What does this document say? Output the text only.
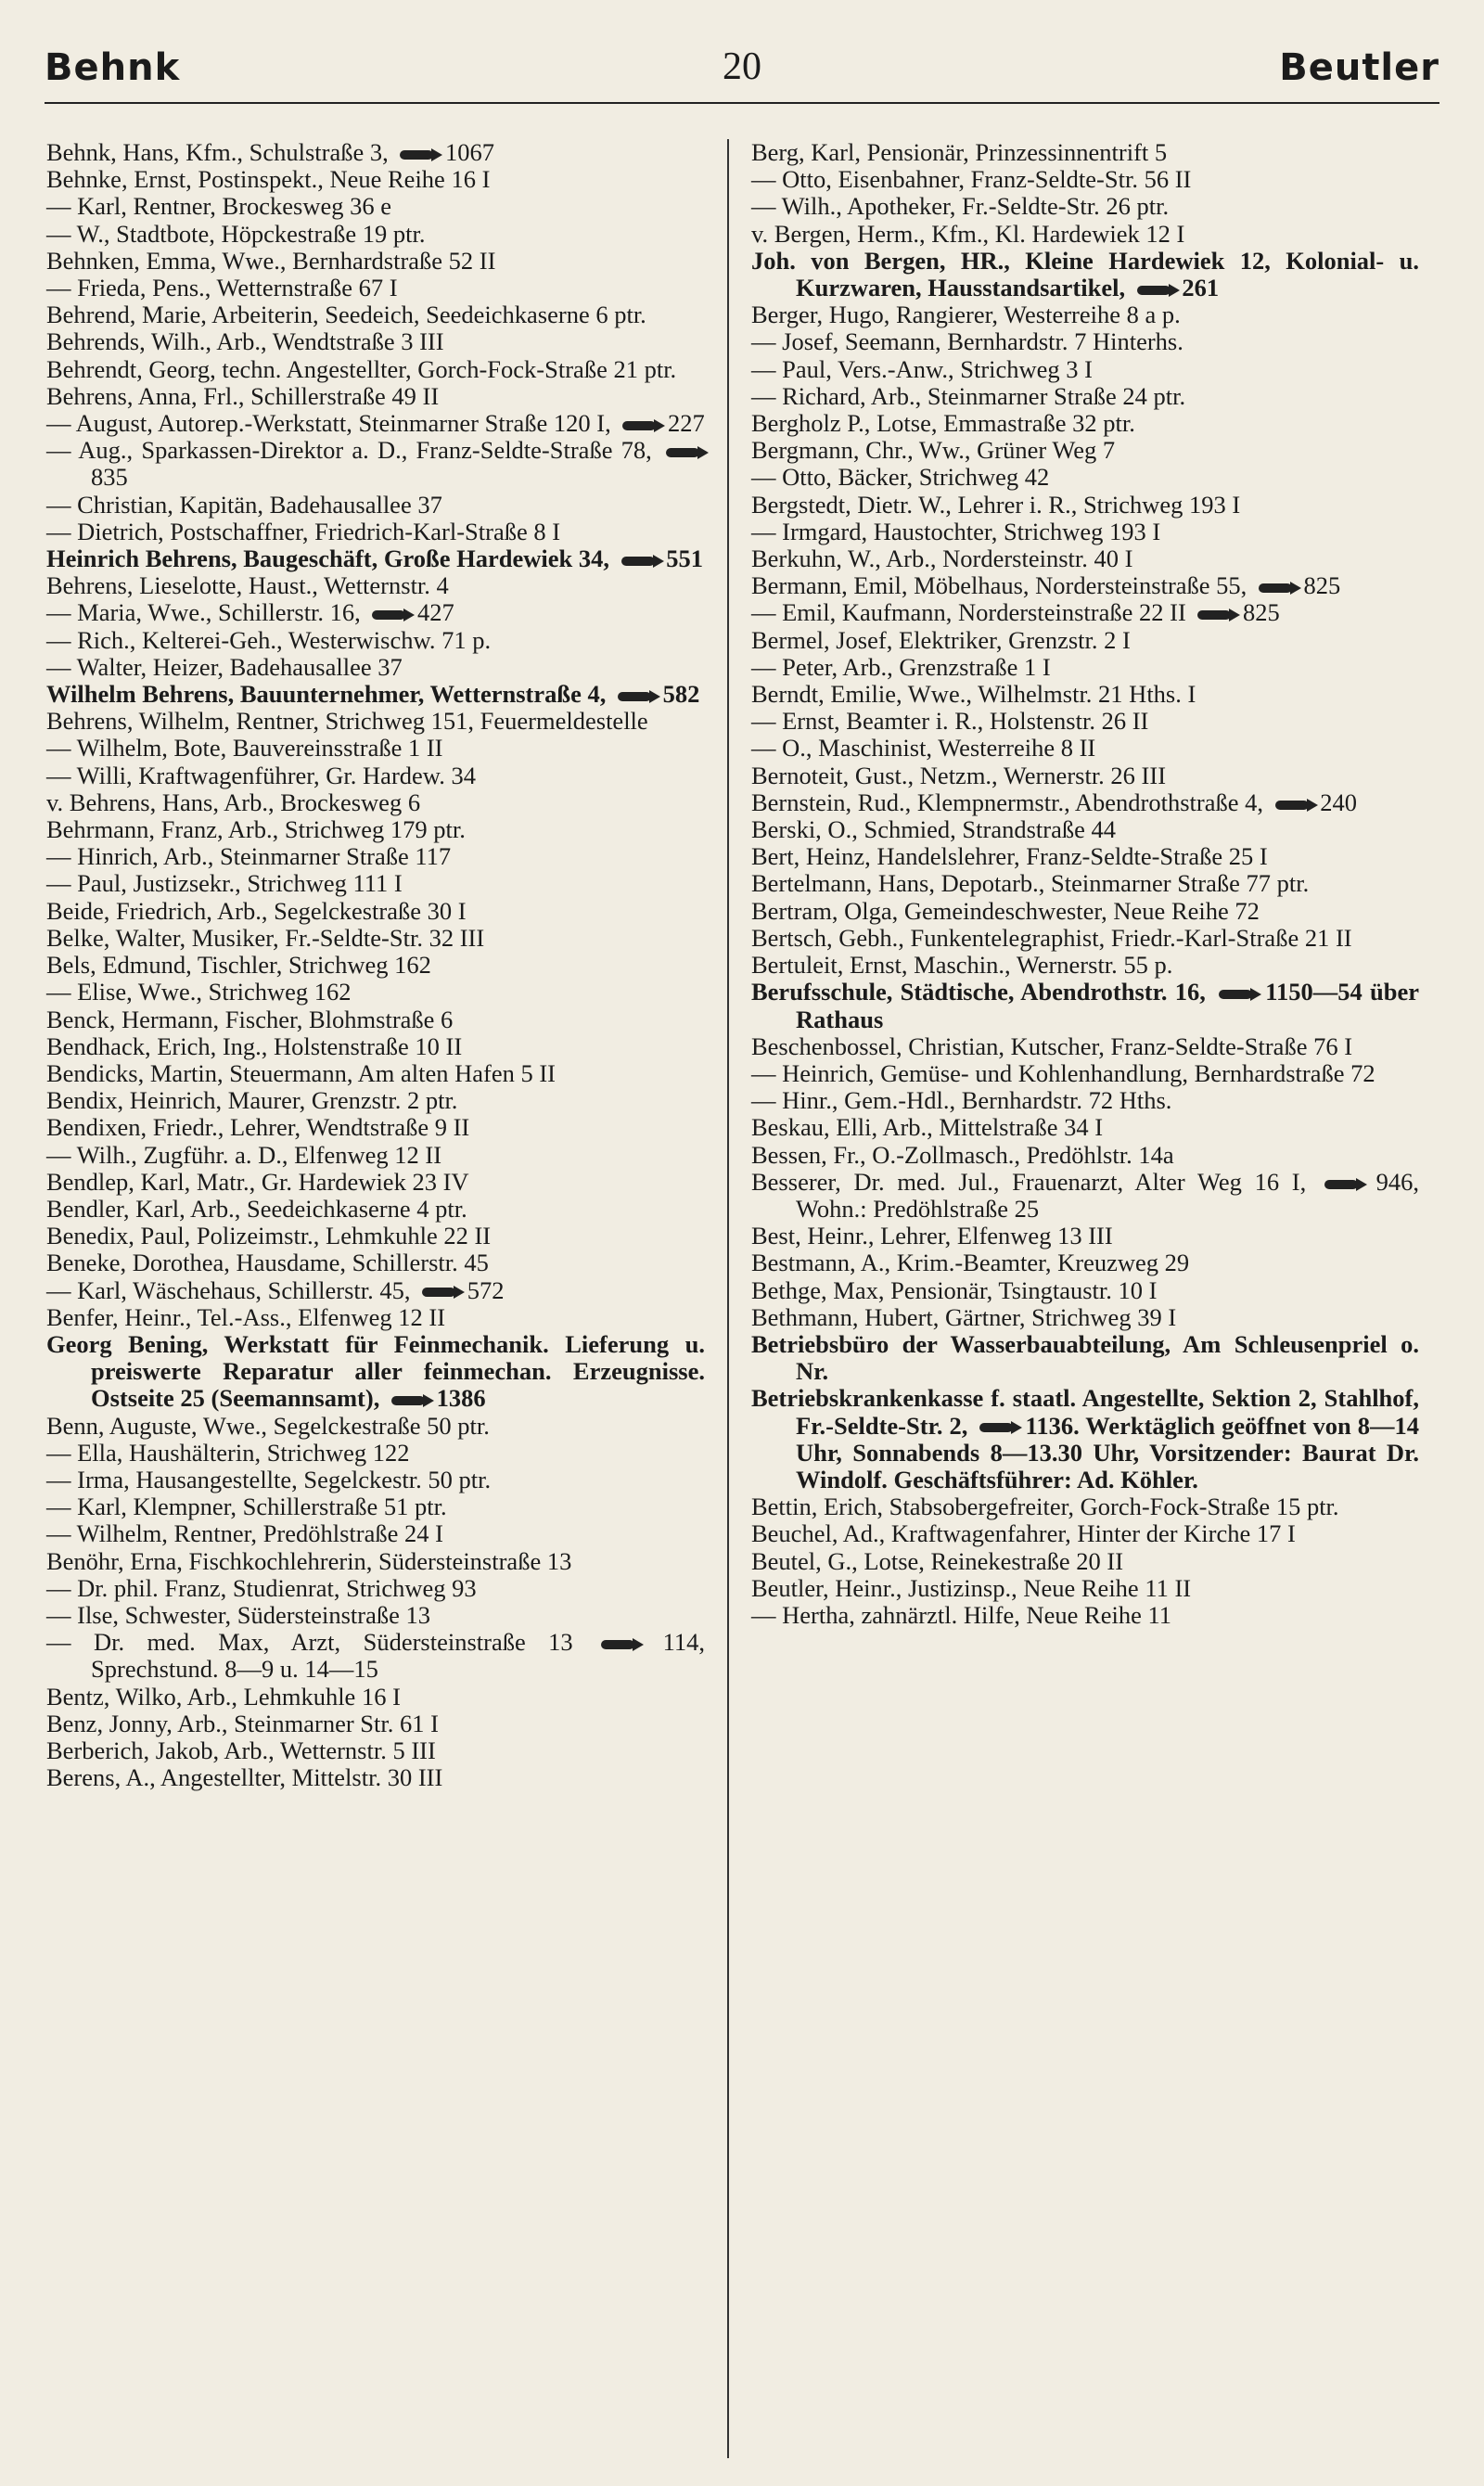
Behnk	20	Beutler

Behnk, Hans, Kfm., Schulstraße 3,  1067

Behnke, Ernst, Postinspekt., Neue Reihe 16 I

— Karl, Rentner, Brockesweg 36 e

— W., Stadtbote, Höpckestraße 19 ptr.

Behnken, Emma, Wwe., Bernhardstraße 52 II

— Frieda, Pens., Wetternstraße 67 I

Behrend, Marie, Arbeiterin, Seedeich, Seedeichkaserne 6 ptr.

Behrends, Wilh., Arb., Wendtstraße 3 III

Behrendt, Georg, techn. Angestellter, Gorch-Fock-Straße 21 ptr.

Behrens, Anna, Frl., Schillerstraße 49 II

— August, Autorep.-Werkstatt, Steinmarner Straße 120 I,  227

— Aug., Sparkassen-Direktor a. D., Franz-Seldte-Straße 78,  835

— Christian, Kapitän, Badehausallee 37

— Dietrich, Postschaffner, Friedrich-Karl-Straße 8 I

Heinrich Behrens, Baugeschäft, Große Hardewiek 34,  551

Behrens, Lieselotte, Haust., Wetternstr. 4

— Maria, Wwe., Schillerstr. 16,  427

— Rich., Kelterei-Geh., Westerwischw. 71 p.

— Walter, Heizer, Badehausallee 37

Wilhelm Behrens, Bauunternehmer, Wetternstraße 4,  582

Behrens, Wilhelm, Rentner, Strichweg 151, Feuermeldestelle

— Wilhelm, Bote, Bauvereinsstraße 1 II

— Willi, Kraftwagenführer, Gr. Hardew. 34

v. Behrens, Hans, Arb., Brockesweg 6

Behrmann, Franz, Arb., Strichweg 179 ptr.

— Hinrich, Arb., Steinmarner Straße 117

— Paul, Justizsekr., Strichweg 111 I

Beide, Friedrich, Arb., Segelckestraße 30 I

Belke, Walter, Musiker, Fr.-Seldte-Str. 32 III

Bels, Edmund, Tischler, Strichweg 162

— Elise, Wwe., Strichweg 162

Benck, Hermann, Fischer, Blohmstraße 6

Bendhack, Erich, Ing., Holstenstraße 10 II

Bendicks, Martin, Steuermann, Am alten Hafen 5 II

Bendix, Heinrich, Maurer, Grenzstr. 2 ptr.

Bendixen, Friedr., Lehrer, Wendtstraße 9 II

— Wilh., Zugführ. a. D., Elfenweg 12 II

Bendlep, Karl, Matr., Gr. Hardewiek 23 IV

Bendler, Karl, Arb., Seedeichkaserne 4 ptr.

Benedix, Paul, Polizeimstr., Lehmkuhle 22 II

Beneke, Dorothea, Hausdame, Schillerstr. 45

— Karl, Wäschehaus, Schillerstr. 45,  572

Benfer, Heinr., Tel.-Ass., Elfenweg 12 II

Georg Bening, Werkstatt für Feinmechanik. Lieferung u. preiswerte Reparatur aller feinmechan. Erzeugnisse. Ostseite 25 (Seemannsamt),  1386

Benn, Auguste, Wwe., Segelckestraße 50 ptr.

— Ella, Haushälterin, Strichweg 122

— Irma, Hausangestellte, Segelckestr. 50 ptr.

— Karl, Klempner, Schillerstraße 51 ptr.

— Wilhelm, Rentner, Predöhlstraße 24 I

Benöhr, Erna, Fischkochlehrerin, Südersteinstraße 13

— Dr. phil. Franz, Studienrat, Strichweg 93

— Ilse, Schwester, Südersteinstraße 13

— Dr. med. Max, Arzt, Südersteinstraße 13  114, Sprechstund. 8—9 u. 14—15

Bentz, Wilko, Arb., Lehmkuhle 16 I

Benz, Jonny, Arb., Steinmarner Str. 61 I

Berberich, Jakob, Arb., Wetternstr. 5 III

Berens, A., Angestellter, Mittelstr. 30 III

Berg, Karl, Pensionär, Prinzessinnentrift 5

— Otto, Eisenbahner, Franz-Seldte-Str. 56 II

— Wilh., Apotheker, Fr.-Seldte-Str. 26 ptr.

v. Bergen, Herm., Kfm., Kl. Hardewiek 12 I

Joh. von Bergen, HR., Kleine Hardewiek 12, Kolonial- u. Kurzwaren, Hausstandsartikel,  261

Berger, Hugo, Rangierer, Westerreihe 8 a p.

— Josef, Seemann, Bernhardstr. 7 Hinterhs.

— Paul, Vers.-Anw., Strichweg 3 I

— Richard, Arb., Steinmarner Straße 24 ptr.

Bergholz P., Lotse, Emmastraße 32 ptr.

Bergmann, Chr., Ww., Grüner Weg 7

— Otto, Bäcker, Strichweg 42

Bergstedt, Dietr. W., Lehrer i. R., Strichweg 193 I

— Irmgard, Haustochter, Strichweg 193 I

Berkuhn, W., Arb., Norderstеinstr. 40 I

Bermann, Emil, Möbelhaus, Nordersteinstraße 55,  825

— Emil, Kaufmann, Nordersteinstraße 22 II  825

Bermel, Josef, Elektriker, Grenzstr. 2 I

— Peter, Arb., Grenzstraße 1 I

Berndt, Emilie, Wwe., Wilhelmstr. 21 Hths. I

— Ernst, Beamter i. R., Holstenstr. 26 II

— O., Maschinist, Westerreihe 8 II

Bernoteit, Gust., Netzm., Wernerstr. 26 III

Bernstein, Rud., Klempnermstr., Abendrothstraße 4,  240

Berski, O., Schmied, Strandstraße 44

Bert, Heinz, Handelslehrer, Franz-Seldte-Straße 25 I

Bertelmann, Hans, Depotarb., Steinmarner Straße 77 ptr.

Bertram, Olga, Gemeindeschwester, Neue Reihe 72

Bertsch, Gebh., Funkentelegraphist, Friedr.-Karl-Straße 21 II

Bertuleit, Ernst, Maschin., Wernerstr. 55 p.

Berufsschule, Städtische, Abendrothstr. 16,  1150—54 über Rathaus

Beschenbossel, Christian, Kutscher, Franz-Seldte-Straße 76 I

— Heinrich, Gemüse- und Kohlenhandlung, Bernhardstraße 72

— Hinr., Gem.-Hdl., Bernhardstr. 72 Hths.

Beskau, Elli, Arb., Mittelstraße 34 I

Bessen, Fr., O.-Zollmasch., Predöhlstr. 14a

Besserer, Dr. med. Jul., Frauenarzt, Alter Weg 16 I,  946, Wohn.: Predöhlstraße 25

Best, Heinr., Lehrer, Elfenweg 13 III

Bestmann, A., Krim.-Beamter, Kreuzweg 29

Bethge, Max, Pensionär, Tsingtaustr. 10 I

Bethmann, Hubert, Gärtner, Strichweg 39 I

Betriebsbüro der Wasserbauabteilung, Am Schleusenpriel o. Nr.

Betriebskrankenkasse f. staatl. Angestellte, Sektion 2, Stahlhof, Fr.-Seldte-Str. 2,  1136. Werktäglich geöffnet von 8—14 Uhr, Sonnabends 8—13.30 Uhr, Vorsitzender: Baurat Dr. Windolf. Geschäftsführer: Ad. Köhler.

Bettin, Erich, Stabsobergefreiter, Gorch-Fock-Straße 15 ptr.

Beuchel, Ad., Kraftwagenfahrer, Hinter der Kirche 17 I

Beutel, G., Lotse, Reinekestraße 20 II

Beutler, Heinr., Justizinsp., Neue Reihe 11 II

— Hertha, zahnärztl. Hilfe, Neue Reihe 11
